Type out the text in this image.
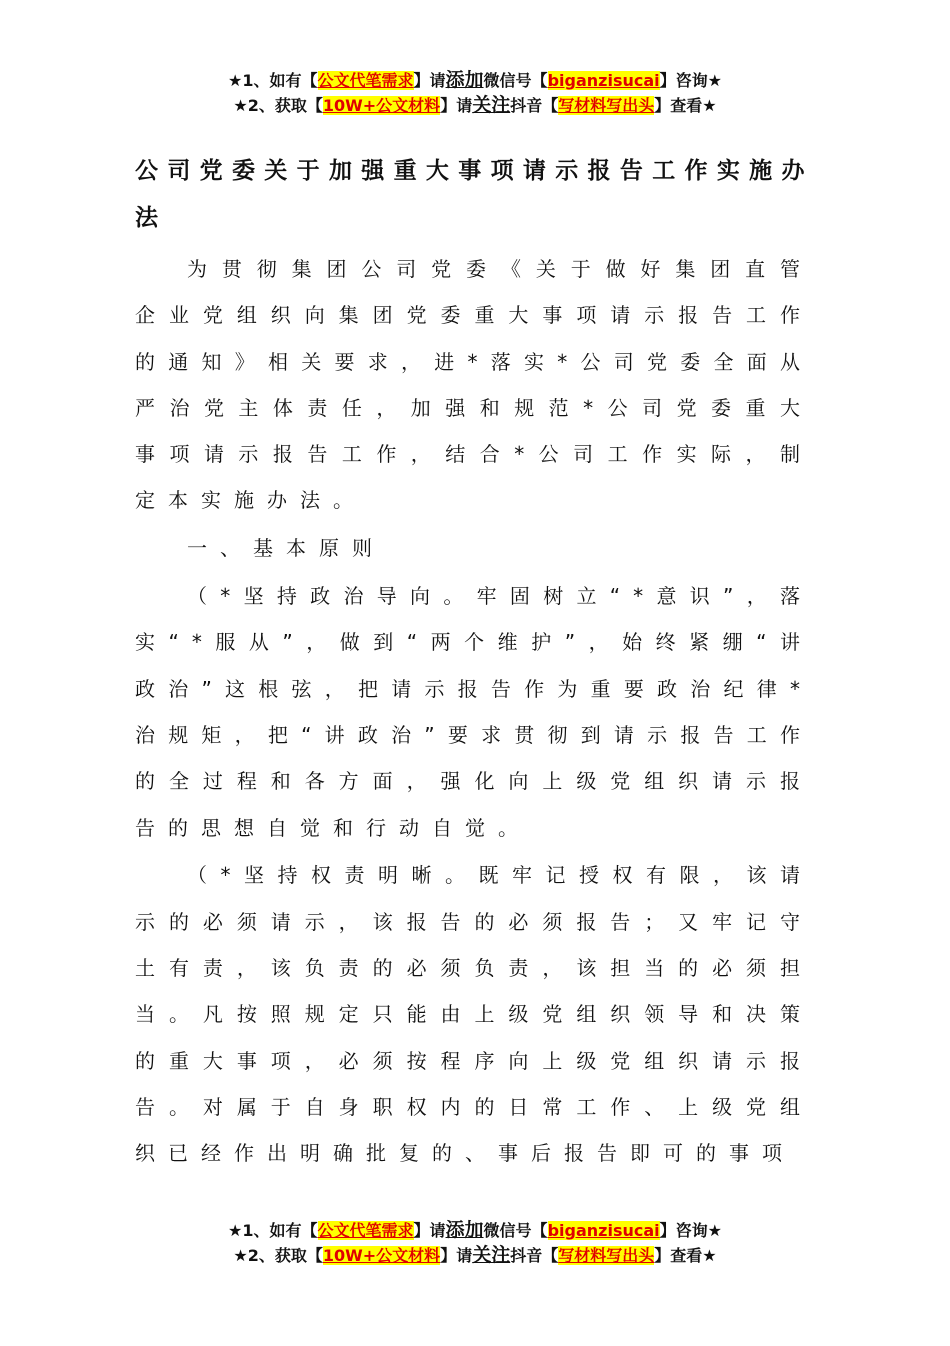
★1、如有【公文代笔需求】请添加微信号【biganzisucai】咨询★
★2、获取【10W+公文材料】请关注抖音【写材料写出头】查看★
公司党委关于加强重大事项请示报告工作实施办法

为贯彻集团公司党委《关于做好集团直管企业党组织向集团党委重大事项请示报告工作的通知》相关要求，进*落实*公司党委全面从严治党主体责任，加强和规范*公司党委重大事项请示报告工作，结合*公司工作实际，制定本实施办法。

一、基本原则

（*坚持政治导向。牢固树立“*意识”，落实“*服从”，做到“两个维护”，始终紧绷“讲政治”这根弦，把请示报告作为重要政治纪律*治规矩，把“讲政治”要求贯彻到请示报告工作的全过程和各方面，强化向上级党组织请示报告的思想自觉和行动自觉。

（*坚持权责明晰。既牢记授权有限，该请示的必须请示，该报告的必须报告；又牢记守土有责，该负责的必须负责，该担当的必须担当。凡按照规定只能由上级党组织领导和决策的重大事项，必须按程序向上级党组织请示报告。对属于自身职权内的日常工作、上级党组织已经作出明确批复的、事后报告即可的事项

★1、如有【公文代笔需求】请添加微信号【biganzisucai】咨询★
★2、获取【10W+公文材料】请关注抖音【写材料写出头】查看★
